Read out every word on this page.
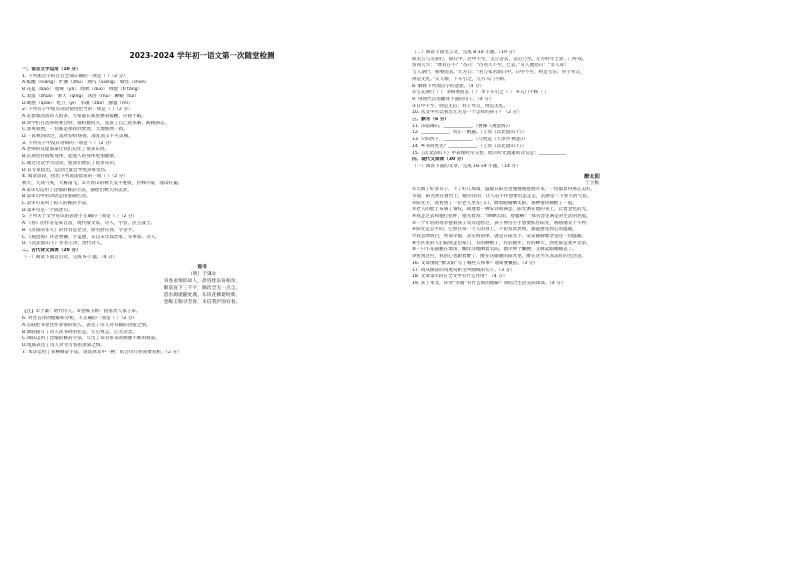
2023-2024 学年初一语文第一次随堂检测
一、语言文字运用（10 分）
1. 下列加点字的注音全部正确的一项是（ ）（2 分）
A.酝酿（niàng） 贮蓄（zhù） 翔鸟（xiáng） 嗔怪（chēn）
B.花苞（bāo） 暗哑（yǎ） 咄咄（duō） 倜傥（tì tǎng）
C.着落（zhuó） 擎天（qíng） 沐浴（mù） 蝉蜕（tuì）
D.峭壁（qiào） 屹立（yì） 水藻（zǎo） 静谧（mì）
2. 下列句子中加点词语使用恰当的一项是（ ）（2 分）
A.去参加活动的人很多，大家都在那里摩肩接踵，应接不暇。
B.同学们在选举班委会时，都积极投入，发表了自己的见解，踌躇满志。
C.春风和煦，一切都是那样欣欣然，大地焕然一新。
D.一阵秋风吹过，落叶纷纷扬扬，凌乱而又不失美丽。
3. 下列句子中没有语病的一项是（ ）（2 分）
A.老师的耳提面命让我们记住了很多东西。
B.长期坚持锻炼身体，能使人的身体更加健康。
C.通过这次学习活动，使我们增长了很多见识。
D.有专家指出，运动过量会导致身体受伤。
4. 阅读语段，找出下列说法错误的一项（ ）（2 分）
秋天，天高气爽，大雁南飞。①大青山的秋天美不胜收，层林尽染，漫山红遍。
A.第①句运用了比喻的修辞手法，描绘出秋天的美景。
B.第②句中的词语运用准确生动。
C.第③句采用了拟人的修辞手法。
D.第④句是一个陈述句。
5. 下列关于文学常识的表述不正确的一项是（ ）（2 分）
A.《春》的作者是朱自清，现代散文家、诗人、学者、民主战士。
B.《济南的冬天》的作者是老舍，原名舒庆春，字舍予。
C.《观沧海》作者曹操，字孟德，东汉末年政治家、军事家、诗人。
D.《次北固山下》作者王湾，唐代诗人。
二、古代诗文阅读（20 分）
（一）阅读下面这首诗，完成 6-7 题。（4 分）
观书
（明）于谦①
书卷多情似故人，晨昏忧乐每相亲。
眼前直下三千字，胸次全无一点尘。
活水源流随处满，东风花柳逐时新。
金鞍玉勒寻芳客，未信我庐别有春。
【注】①于谦：明代诗人。②金鞍玉勒：指富贵人家子弟。
6. 对这首诗的理解和分析，不正确的一项是（ ）（2 分）
A.首联把书卷比作多情的故人，表达了诗人对书籍的热爱之情。
B.颔联描写了诗人读书时的状态，专心致志，心无杂念。
C.颈联运用了比喻的修辞手法，写出了读书带来的源源不断的收获。
D.尾联表达了诗人对寻芳客的羡慕之情。
7. 本诗运用了多种修辞手法，请选择其中一种，结合诗句作简要赏析。（2 分）
（二）阅读下面文言文，完成 8-10 小题。（10 分）
陈太丘与友期行，期日中，过中不至，太丘舍去，去后乃至。元方时年七岁，门外戏。
客问元方：“尊君在不？”答曰：“待君久不至，已去。”友人便怒曰：“非人哉！
与人期行，相委而去。”元方曰：“君与家君期日中。日中不至，则是无信；对子骂父，
则是无礼。”友人惭，下车引之，元方入门不顾。
8. 解释下列加点字的意思。（4 分）
①与友期行（ ） ②相委而去（ ） ③下车引之（ ） ④入门不顾（ ）
9. 用现代汉语翻译下面的句子。（4 分）
①日中不至，则是无信；对子骂父，则是无礼。
10. 从文中可以看出元方是一个怎样的孩子？（2 分）
三、默写（6 分）
11. 东临碣石，____________。（曹操《观沧海》）
12. ____________，风正一帆悬。（王湾《次北固山下》）
13. 夕阳西下，____________。（马致远《天净沙·秋思》）
14. 乡书何处达？____________。（王湾《次北固山下》）
15.《次北固山下》中表现时序交替、暗示时光流逝的诗句是：____________
四、现代文阅读（30 分）
（一）阅读下面的文章，完成 16-19 小题。（14 分）
醉太阳
丁立梅
①天晴了好多日子，下了好几场雨，温暖在阳光里慢慢地舒展开来，一切都显得那么美好。
早晨，阳光照在窗台上，暖洋洋的，让人忍不住想要出去走走，去感受一下春天的气息。
②阳光下，我看到了一位老人坐在门口，眯着眼睛晒太阳，那神情仿佛醉了一般。
③老人的脸上布满了皱纹，却透着一种安详和满足，阳光洒在他的身上，泛着金色的光。
④我走过去和他打招呼，他笑着说：“晒晒太阳，舒服啊！”那笑容里满是对生活的热爱。
⑤一个年轻的母亲抱着孩子从旁边经过，孩子伸出小手想要抓住阳光，咯咯地笑个不停。
⑥阳光是公平的，它照在每一个人的身上，不论贫富贵贱，都能感受到它的温暖。
⑦我忽然明白，所谓幸福，其实很简单，就是在阳光下，安安静静地享受这一份温暖。
⑧小区里的人们陆续走出家门，有的晒被子，有的散步，有的聊天，到处都是欢声笑语。
⑨一只小花猫蜷在墙角，懒洋洋地晒着太阳，偶尔伸个懒腰，又眯起眼睛睡去了。
⑩看到这些，我的心也跟着醉了，醉在这暖暖的阳光里，醉在这平凡而美好的生活里。
16. 文章围绕“醉太阳”写了哪些人和事？请简要概括。（3 分）
17. 请从修辞的角度赏析文中画线的句子。（3 分）
18. 文章第⑦段在全文中有什么作用？（4 分）
19. 读了本文，你对“幸福”有什么新的理解？请结合生活实际谈谈。（4 分）
